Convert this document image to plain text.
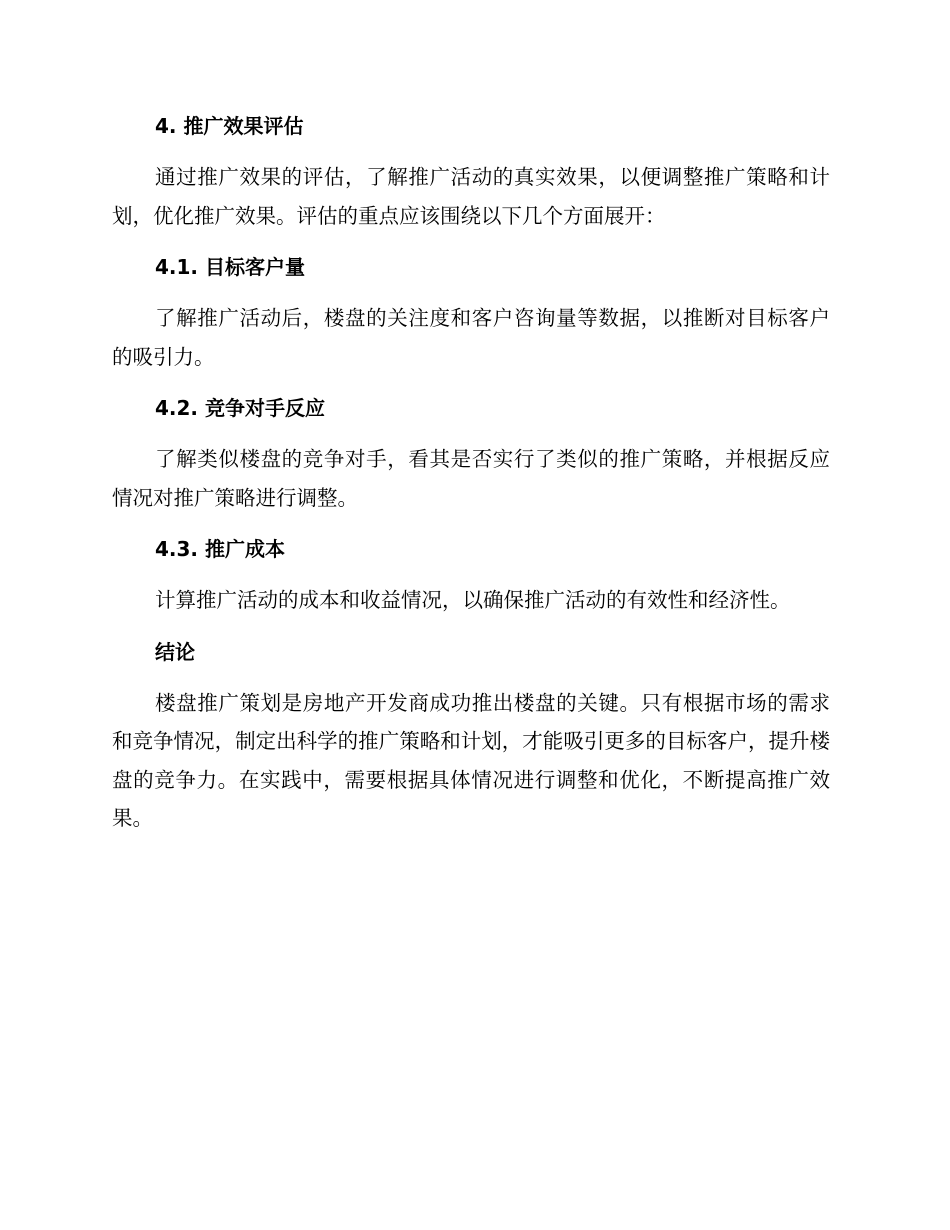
4. 推广效果评估

通过推广效果的评估，了解推广活动的真实效果，以便调整推广策略和计划，优化推广效果。评估的重点应该围绕以下几个方面展开：

4.1. 目标客户量

了解推广活动后，楼盘的关注度和客户咨询量等数据，以推断对目标客户的吸引力。

4.2. 竞争对手反应

了解类似楼盘的竞争对手，看其是否实行了类似的推广策略，并根据反应情况对推广策略进行调整。

4.3. 推广成本

计算推广活动的成本和收益情况，以确保推广活动的有效性和经济性。

结论

楼盘推广策划是房地产开发商成功推出楼盘的关键。只有根据市场的需求和竞争情况，制定出科学的推广策略和计划，才能吸引更多的目标客户，提升楼盘的竞争力。在实践中，需要根据具体情况进行调整和优化，不断提高推广效果。
